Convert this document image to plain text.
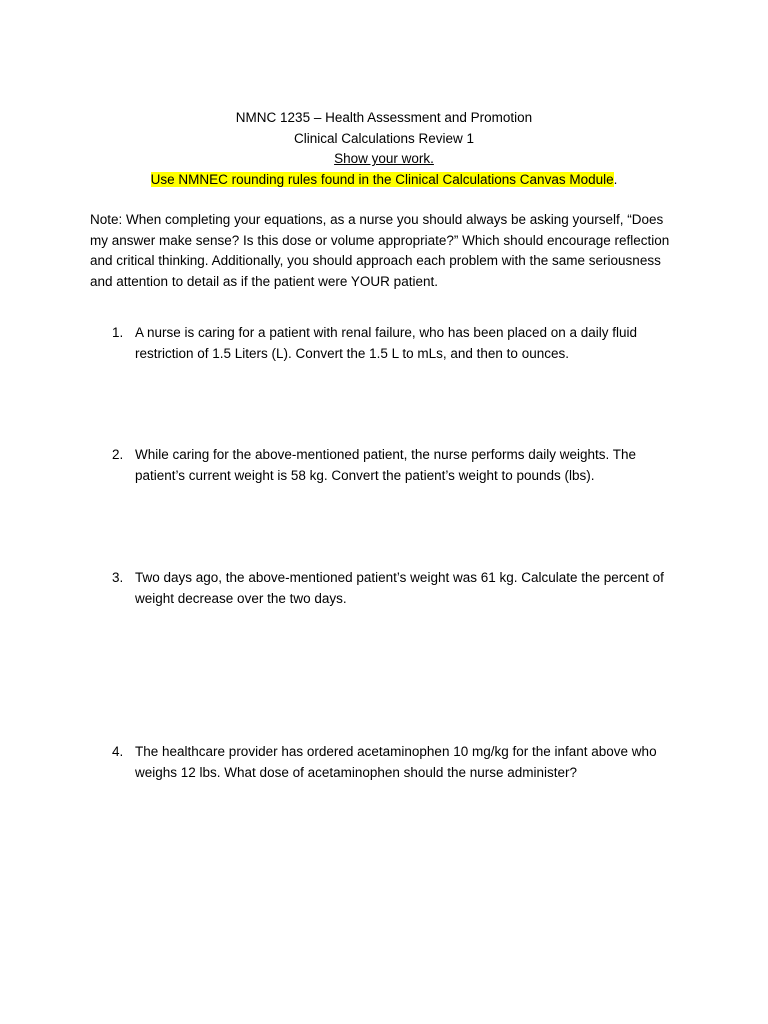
NMNC 1235 – Health Assessment and Promotion
Clinical Calculations Review 1
Show your work.
Use NMNEC rounding rules found in the Clinical Calculations Canvas Module.
Note: When completing your equations, as a nurse you should always be asking yourself, “Does my answer make sense? Is this dose or volume appropriate?” Which should encourage reflection and critical thinking. Additionally, you should approach each problem with the same seriousness and attention to detail as if the patient were YOUR patient.
1. A nurse is caring for a patient with renal failure, who has been placed on a daily fluid restriction of 1.5 Liters (L). Convert the 1.5 L to mLs, and then to ounces.
2. While caring for the above-mentioned patient, the nurse performs daily weights. The patient’s current weight is 58 kg. Convert the patient’s weight to pounds (lbs).
3. Two days ago, the above-mentioned patient’s weight was 61 kg. Calculate the percent of weight decrease over the two days.
4. The healthcare provider has ordered acetaminophen 10 mg/kg for the infant above who weighs 12 lbs. What dose of acetaminophen should the nurse administer?
